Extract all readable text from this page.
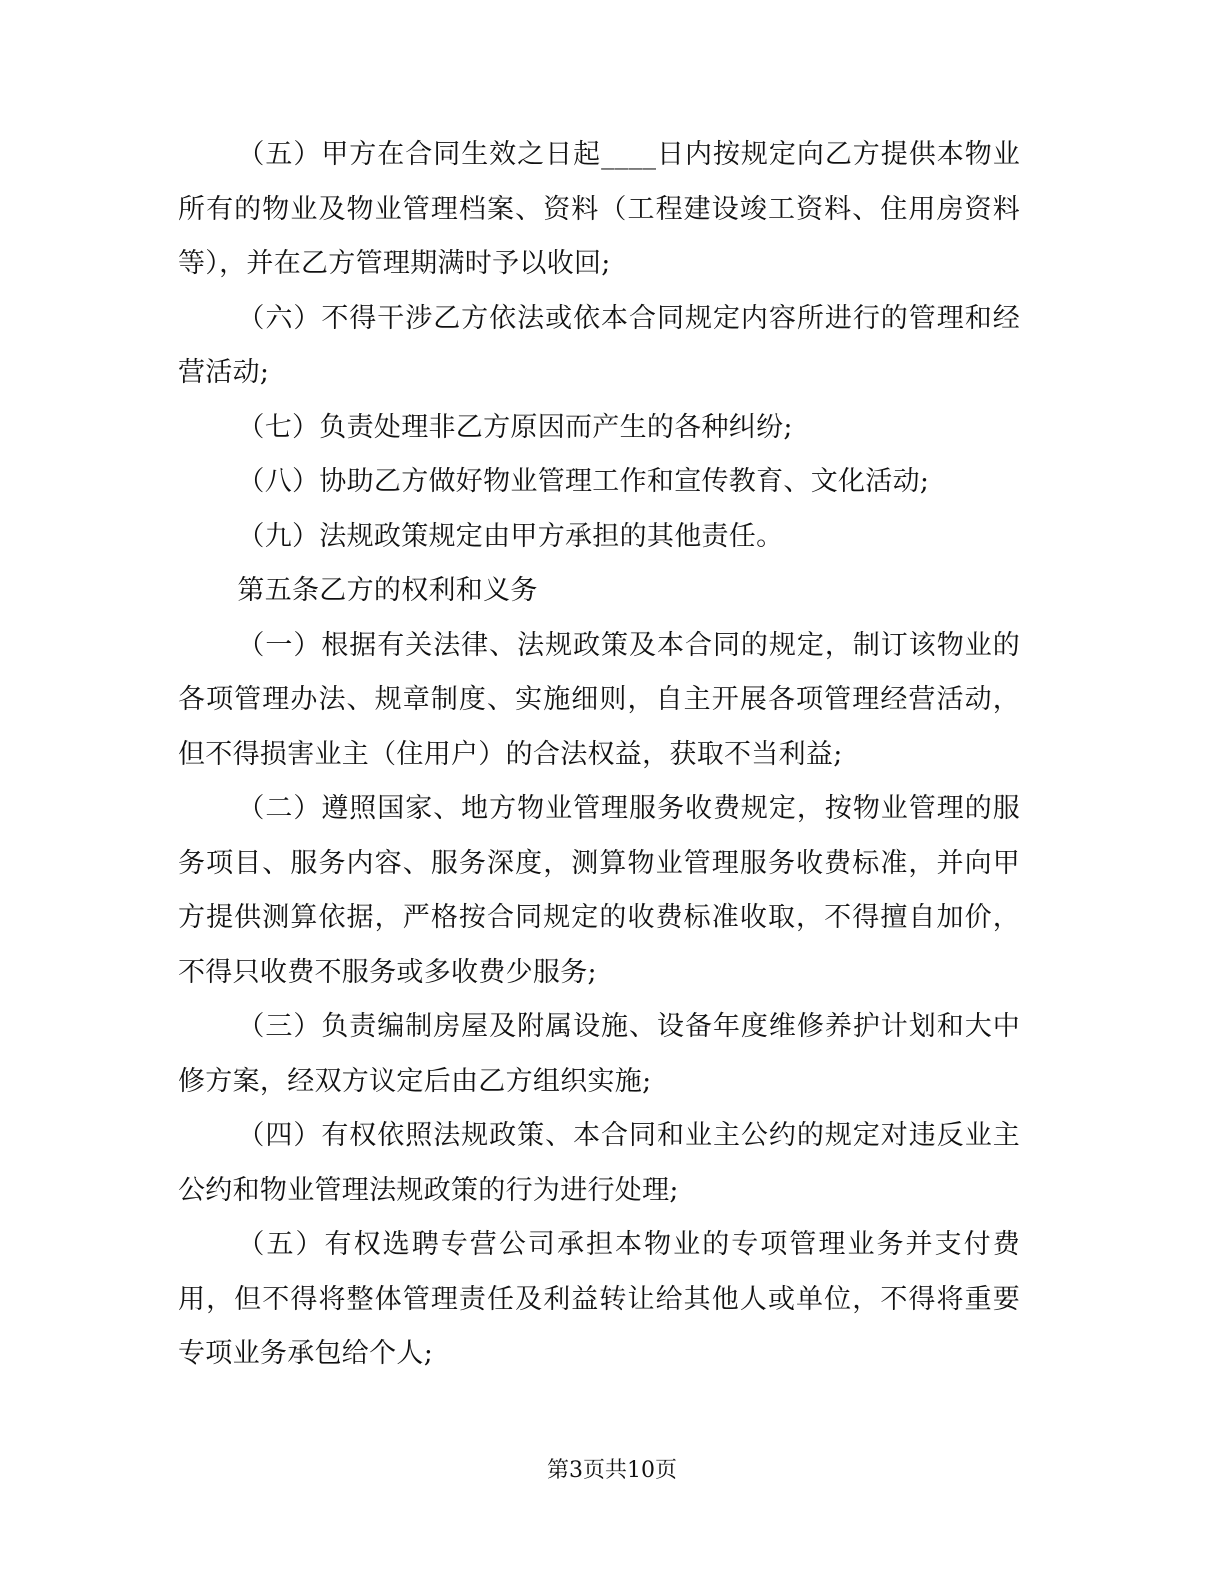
（五）甲方在合同生效之日起____日内按规定向乙方提供本物业所有的物业及物业管理档案、资料（工程建设竣工资料、住用房资料等），并在乙方管理期满时予以收回;

（六）不得干涉乙方依法或依本合同规定内容所进行的管理和经营活动;

（七）负责处理非乙方原因而产生的各种纠纷;

（八）协助乙方做好物业管理工作和宣传教育、文化活动;

（九）法规政策规定由甲方承担的其他责任。

第五条乙方的权利和义务

（一）根据有关法律、法规政策及本合同的规定，制订该物业的各项管理办法、规章制度、实施细则，自主开展各项管理经营活动，但不得损害业主（住用户）的合法权益，获取不当利益;

（二）遵照国家、地方物业管理服务收费规定，按物业管理的服务项目、服务内容、服务深度，测算物业管理服务收费标准，并向甲方提供测算依据，严格按合同规定的收费标准收取，不得擅自加价，不得只收费不服务或多收费少服务;

（三）负责编制房屋及附属设施、设备年度维修养护计划和大中修方案，经双方议定后由乙方组织实施;

（四）有权依照法规政策、本合同和业主公约的规定对违反业主公约和物业管理法规政策的行为进行处理;

（五）有权选聘专营公司承担本物业的专项管理业务并支付费用，但不得将整体管理责任及利益转让给其他人或单位，不得将重要专项业务承包给个人;

第3页共10页
